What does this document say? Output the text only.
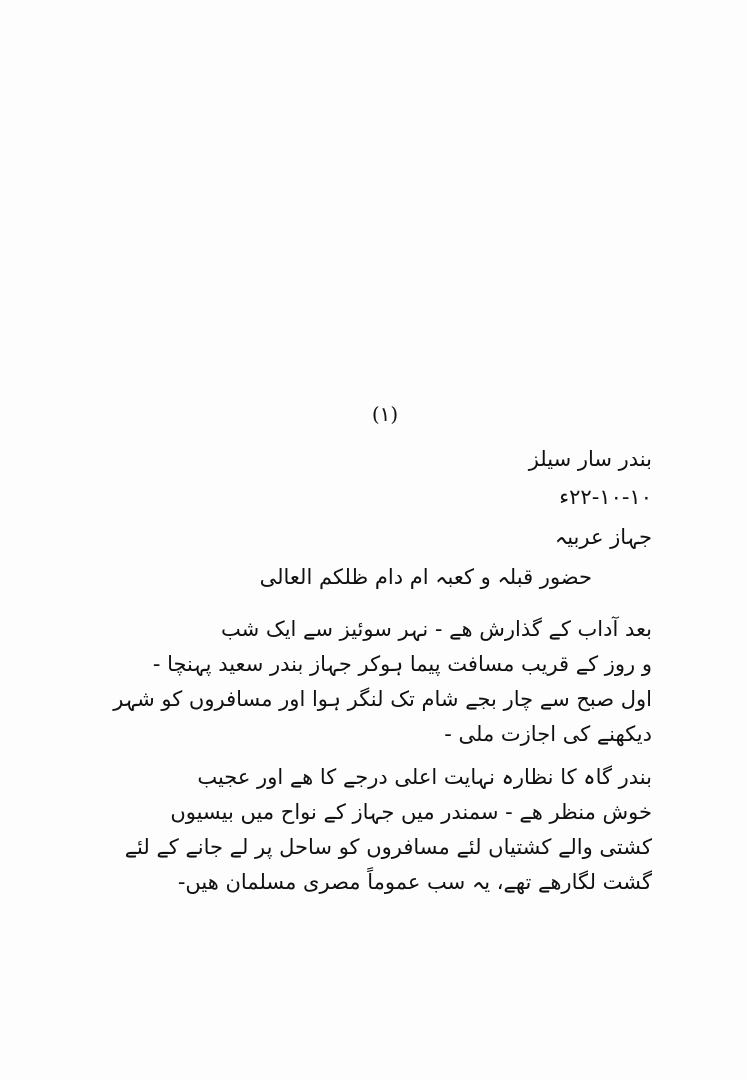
(۱)
بندر سار سیلز
۲۲-۱۰-۱۰ء
جہاز عربیہ
حضور قبلہ و کعبہ ام دام ظلکم العالی
بعد آداب کے گذارش ھے - نہر سوئیز سے ایک شب
و روز کے قریب مسافت پیما ہوکر جہاز بندر سعید پہنچا -
اول صبح سے چار بجے شام تک لنگر ہوا اور مسافروں کو شہر
دیکھنے کی اجازت ملی -
بندر گاہ کا نظارہ نہایت اعلی درجے کا ھے اور عجیب
خوش منظر ھے - سمندر میں جہاز کے نواح میں بیسیوں
کشتی والے کشتیاں لئے مسافروں کو ساحل پر لے جانے کے لئے
گشت لگارھے تھے، یہ سب عموماً مصری مسلمان ھیں-
